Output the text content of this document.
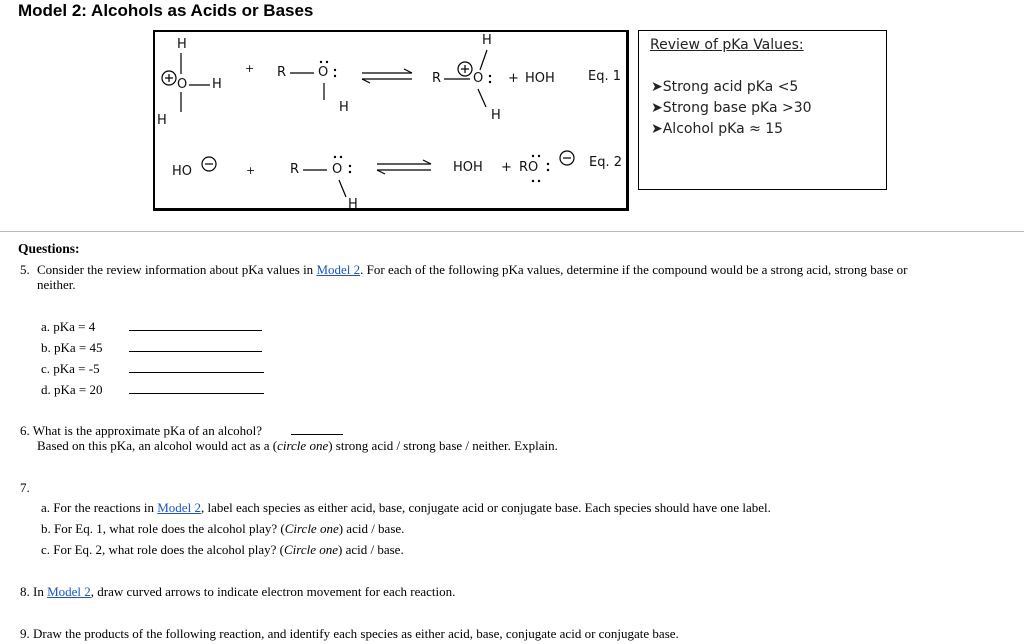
Model 2: Alcohols as Acids or Bases
H
O H
H
+ R O
H
R O
H
H
+ HOH	Eq. 1
HO	+	R	O
H
HOH + RO	Eq. 2
Review of pKa Values:
➤Strong acid pKa <5
➤Strong base pKa >30
➤Alcohol pKa ≈ 15
Questions:
5. Consider the review information about pKa values in Model 2. For each of the following pKa values, determine if the compound would be a strong acid, strong base or
neither.
a. pKa = 4
b. pKa = 45
c. pKa = -5
d. pKa = 20
6. What is the approximate pKa of an alcohol?
Based on this pKa, an alcohol would act as a (circle one) strong acid / strong base / neither. Explain.
7.
a. For the reactions in Model 2, label each species as either acid, base, conjugate acid or conjugate base. Each species should have one label.
b. For Eq. 1, what role does the alcohol play? (Circle one) acid / base.
c. For Eq. 2, what role does the alcohol play? (Circle one) acid / base.
8. In Model 2, draw curved arrows to indicate electron movement for each reaction.
9. Draw the products of the following reaction, and identify each species as either acid, base, conjugate acid or conjugate base.
